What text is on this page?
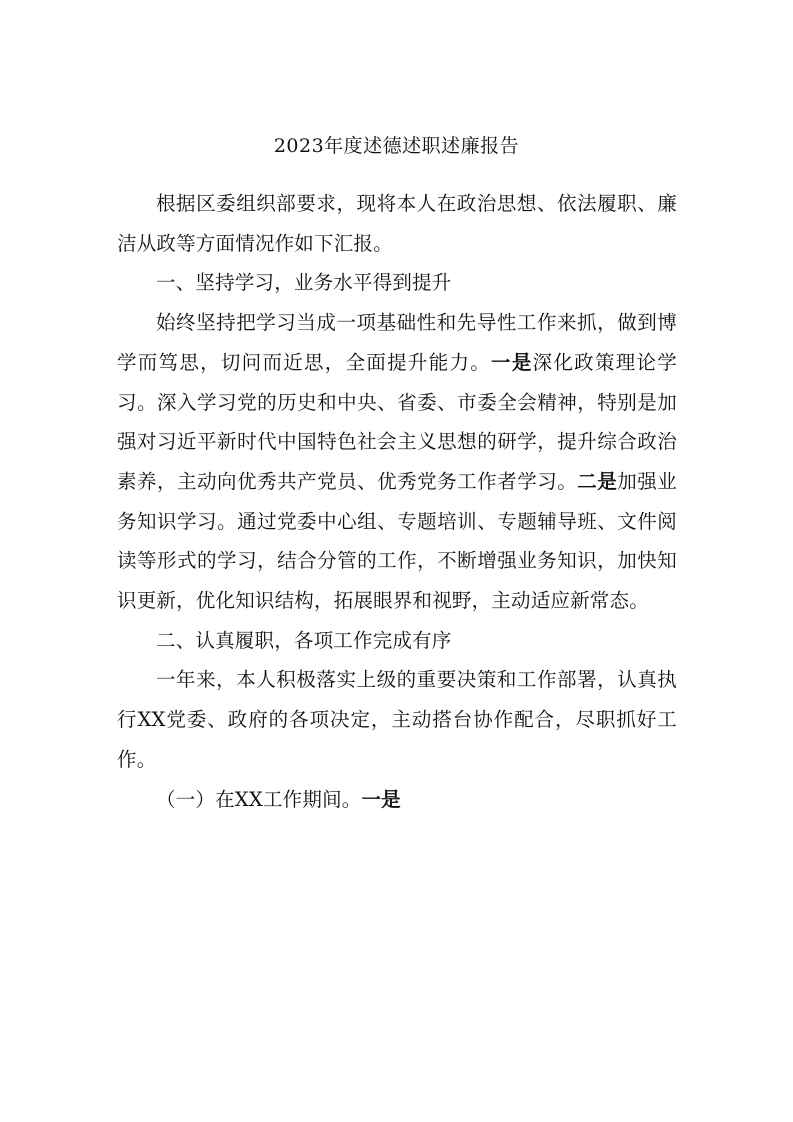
2023年度述德述职述廉报告

根据区委组织部要求，现将本人在政治思想、依法履职、廉洁从政等方面情况作如下汇报。

一、坚持学习，业务水平得到提升

始终坚持把学习当成一项基础性和先导性工作来抓，做到博学而笃思，切问而近思，全面提升能力。一是深化政策理论学习。深入学习党的历史和中央、省委、市委全会精神，特别是加强对习近平新时代中国特色社会主义思想的研学，提升综合政治素养，主动向优秀共产党员、优秀党务工作者学习。二是加强业务知识学习。通过党委中心组、专题培训、专题辅导班、文件阅读等形式的学习，结合分管的工作，不断增强业务知识，加快知识更新，优化知识结构，拓展眼界和视野，主动适应新常态。

二、认真履职，各项工作完成有序

一年来，本人积极落实上级的重要决策和工作部署，认真执行XX党委、政府的各项决定，主动搭台协作配合，尽职抓好工作。

（一）在XX工作期间。一是
